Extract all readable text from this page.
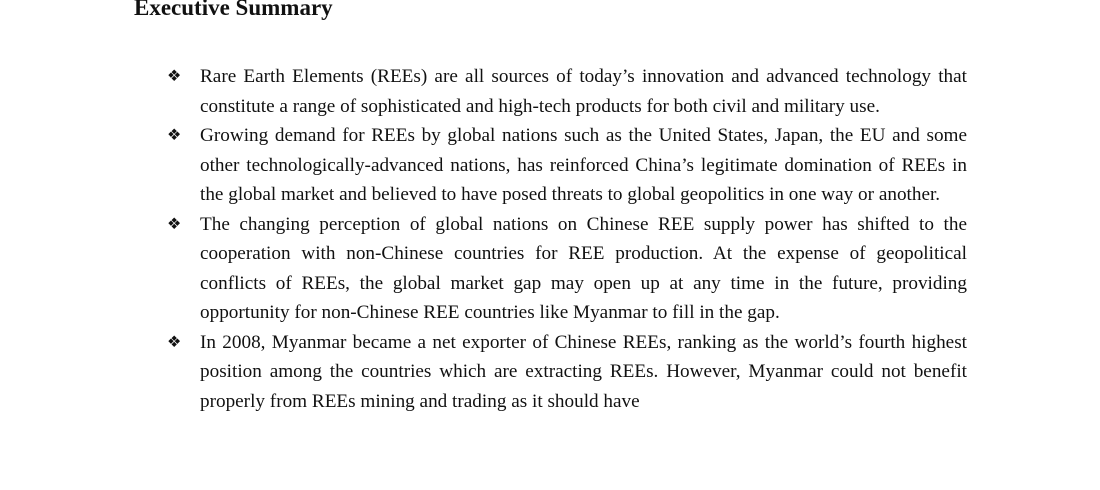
Executive Summary
❖ Rare Earth Elements (REEs) are all sources of today’s innovation and advanced technology that constitute a range of sophisticated and high-tech products for both civil and military use.
❖ Growing demand for REEs by global nations such as the United States, Japan, the EU and some other technologically-advanced nations, has reinforced China’s legitimate domination of REEs in the global market and believed to have posed threats to global geopolitics in one way or another.
❖ The changing perception of global nations on Chinese REE supply power has shifted to the cooperation with non-Chinese countries for REE production. At the expense of geopolitical conflicts of REEs, the global market gap may open up at any time in the future, providing opportunity for non-Chinese REE countries like Myanmar to fill in the gap.
❖ In 2008, Myanmar became a net exporter of Chinese REEs, ranking as the world’s fourth highest position among the countries which are extracting REEs. However, Myanmar could not benefit properly from REEs mining and trading as it should have
